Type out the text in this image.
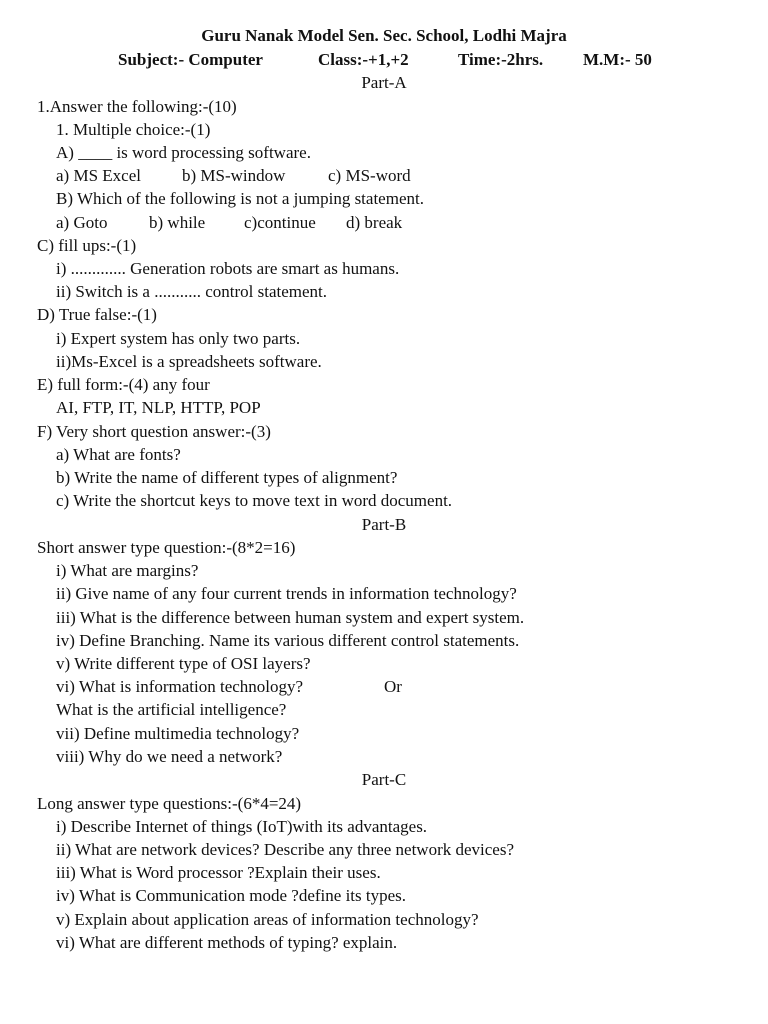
Guru Nanak Model Sen. Sec. School, Lodhi Majra
Subject:- Computer	Class:-+1,+2	Time:-2hrs. M.M:- 50
Part-A
1.Answer the following:-(10)
1. Multiple choice:-(1)
A) ____ is word processing software.
a) MS Excel b) MS-window	c) MS-word
B) Which of the following is not a jumping statement.
a) Goto b) while c)continue d) break
C) fill ups:-(1)
i) ............. Generation robots are smart as humans.
ii) Switch is a ........... control statement.
D) True false:-(1)
i) Expert system has only two parts.
ii)Ms-Excel is a spreadsheets software.
E) full form:-(4) any four
AI, FTP, IT, NLP, HTTP, POP
F) Very short question answer:-(3)
a) What are fonts?
b) Write the name of different types of alignment?
c) Write the shortcut keys to move text in word document.
Part-B
Short answer type question:-(8*2=16)
i) What are margins?
ii) Give name of any four current trends in information technology?
iii) What is the difference between human system and expert system.
iv) Define Branching. Name its various different control statements.
v) Write different type of OSI layers?
vi) What is information technology?	Or
What is the artificial intelligence?
vii) Define multimedia technology?
viii) Why do we need a network?
Part-C
Long answer type questions:-(6*4=24)
i) Describe Internet of things (IoT)with its advantages.
ii) What are network devices? Describe any three network devices?
iii) What is Word processor ?Explain their uses.
iv) What is Communication mode ?define its types.
v) Explain about application areas of information technology?
vi) What are different methods of typing? explain.
